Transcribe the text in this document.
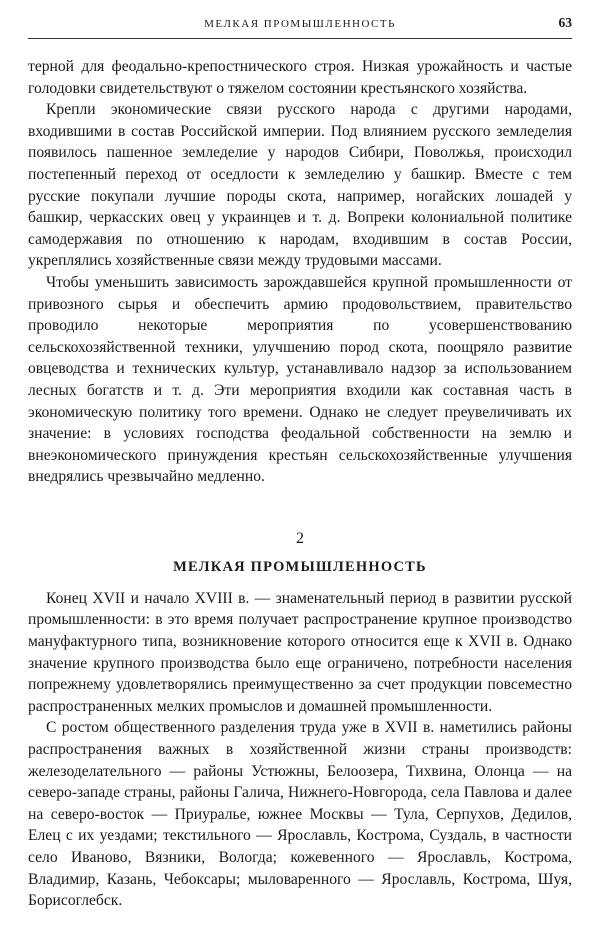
МЕЛКАЯ ПРОМЫШЛЕННОСТЬ	63

терной для феодально-крепостнического строя. Низкая урожайность и частые голодовки свидетельствуют о тяжелом состоянии крестьянского хозяйства.

Крепли экономические связи русского народа с другими народами, входившими в состав Российской империи. Под влиянием русского земледелия появилось пашенное земледелие у народов Сибири, Поволжья, происходил постепенный переход от оседлости к земледелию у башкир. Вместе с тем русские покупали лучшие породы скота, например, ногайских лошадей у башкир, черкасских овец у украинцев и т. д. Вопреки колониальной политике самодержавия по отношению к народам, входившим в состав России, укреплялись хозяйственные связи между трудовыми массами.

Чтобы уменьшить зависимость зарождавшейся крупной промышленности от привозного сырья и обеспечить армию продовольствием, правительство проводило некоторые мероприятия по усовершенствованию сельскохозяйственной техники, улучшению пород скота, поощряло развитие овцеводства и технических культур, устанавливало надзор за использованием лесных богатств и т. д. Эти мероприятия входили как составная часть в экономическую политику того времени. Однако не следует преувеличивать их значение: в условиях господства феодальной собственности на землю и внеэкономического принуждения крестьян сельскохозяйственные улучшения внедрялись чрезвычайно медленно.

2
МЕЛКАЯ ПРОМЫШЛЕННОСТЬ

Конец XVII и начало XVIII в. — знаменательный период в развитии русской промышленности: в это время получает распространение крупное производство мануфактурного типа, возникновение которого относится еще к XVII в. Однако значение крупного производства было еще ограничено, потребности населения попрежнему удовлетворялись преимущественно за счет продукции повсеместно распространенных мелких промыслов и домашней промышленности.

С ростом общественного разделения труда уже в XVII в. наметились районы распространения важных в хозяйственной жизни страны производств: железоделательного — районы Устюжны, Белоозера, Тихвина, Олонца — на северо-западе страны, районы Галича, Нижнего-Новгорода, села Павлова и далее на северо-восток — Приуралье, южнее Москвы — Тула, Серпухов, Дедилов, Елец с их уездами; текстильного — Ярославль, Кострома, Суздаль, в частности село Иваново, Вязники, Вологда; кожевенного — Ярославль, Кострома, Владимир, Казань, Чебоксары; мыловаренного — Ярославль, Кострома, Шуя, Борисоглебск.
